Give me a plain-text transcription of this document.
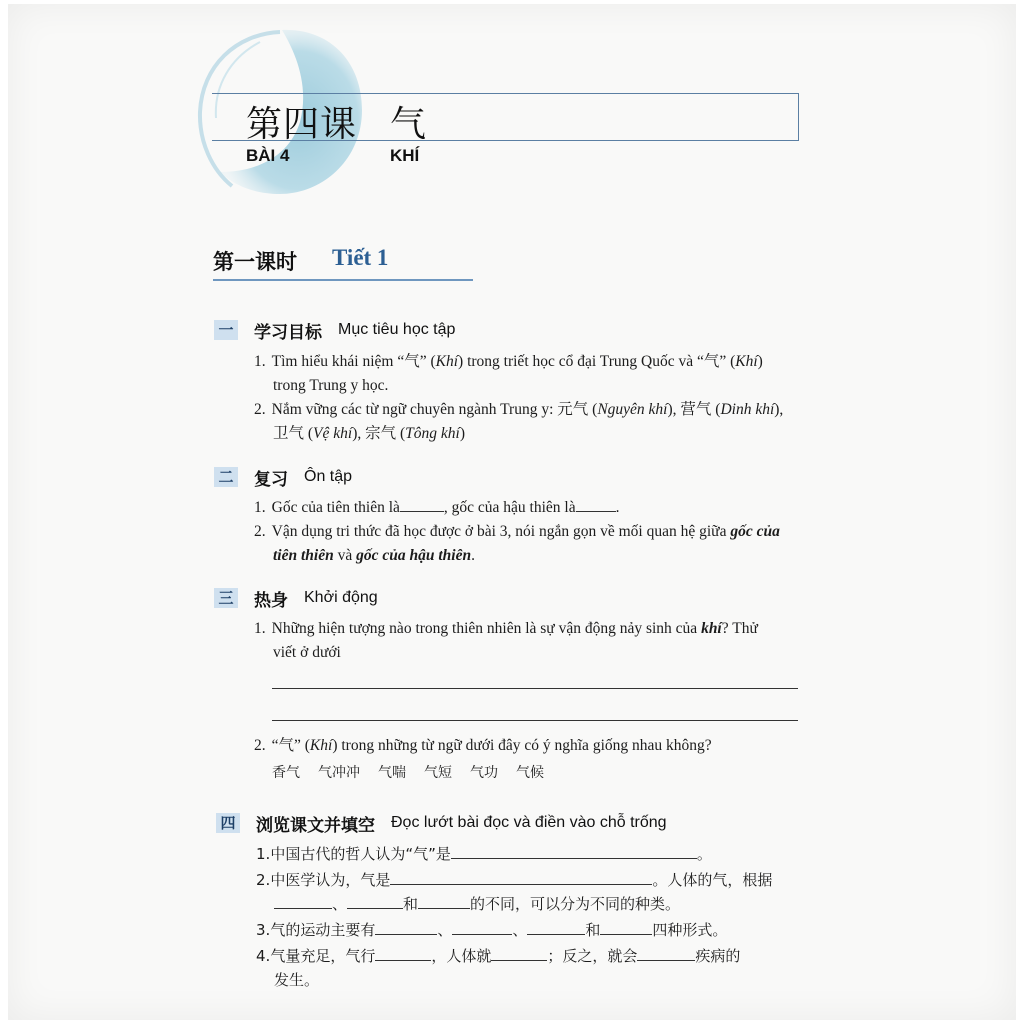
第四课 气
BÀI 4	KHÍ
第一课时 Tiết 1
一 学习目标 Mục tiêu học tập
1. Tìm hiểu khái niệm “气” (Khí) trong triết học cổ đại Trung Quốc và “气” (Khí)
trong Trung y học.
2. Nắm vững các từ ngữ chuyên ngành Trung y: 元气 (Nguyên khí), 营气 (Dinh khí),
卫气 (Vệ khí), 宗气 (Tông khí)
二 复习 Ôn tập
1. Gốc của tiên thiên là	, gốc của hậu thiên là	.
2. Vận dụng tri thức đã học được ở bài 3, nói ngắn gọn về mối quan hệ giữa gốc của
tiên thiên và gốc của hậu thiên.
三 热身 Khởi động
1. Những hiện tượng nào trong thiên nhiên là sự vận động nảy sinh của khí? Thử
viết ở dưới
2. “气” (Khí) trong những từ ngữ dưới đây có ý nghĩa giống nhau không?
香气 气冲冲 气喘 气短 气功 气候
四 浏览课文并填空 Đọc lướt bài đọc và điền vào chỗ trống
1.中国古代的哲人认为“气”是	。
2.中医学认为，气是	。人体的气，根据
、	和	的不同，可以分为不同的种类。
3.气的运动主要有	、	、	和	四种形式。
4.气量充足，气行	，人体就	；反之，就会	疾病的
发生。
